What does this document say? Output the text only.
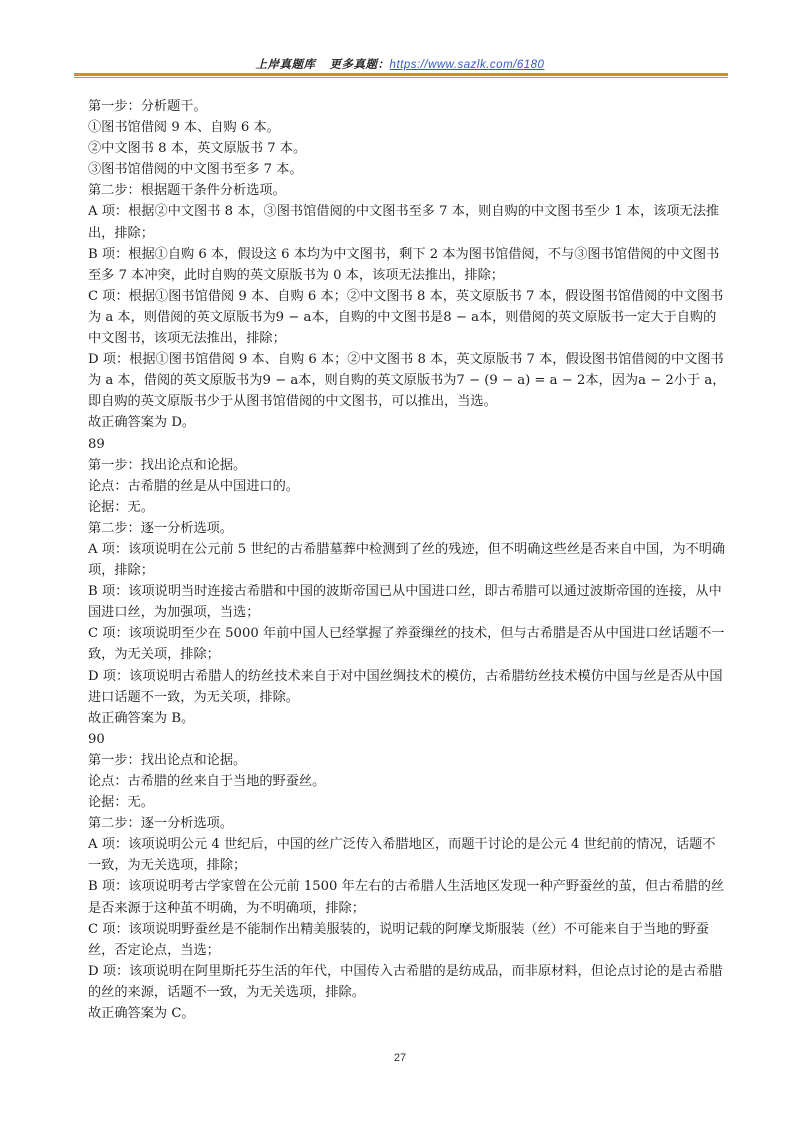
上岸真题库 更多真题：https://www.sazlk.com/6180

第一步：分析题干。

①图书馆借阅 9 本、自购 6 本。

②中文图书 8 本，英文原版书 7 本。

③图书馆借阅的中文图书至多 7 本。

第二步：根据题干条件分析选项。

A 项：根据②中文图书 8 本，③图书馆借阅的中文图书至多 7 本，则自购的中文图书至少 1 本，该项无法推出，排除；

B 项：根据①自购 6 本，假设这 6 本均为中文图书，剩下 2 本为图书馆借阅，不与③图书馆借阅的中文图书至多 7 本冲突，此时自购的英文原版书为 0 本，该项无法推出，排除；

C 项：根据①图书馆借阅 9 本、自购 6 本；②中文图书 8 本，英文原版书 7 本，假设图书馆借阅的中文图书为 a 本，则借阅的英文原版书为9 − a本，自购的中文图书是8 − a本，则借阅的英文原版书一定大于自购的中文图书，该项无法推出，排除；

D 项：根据①图书馆借阅 9 本、自购 6 本；②中文图书 8 本，英文原版书 7 本，假设图书馆借阅的中文图书为 a 本，借阅的英文原版书为9 − a本，则自购的英文原版书为7 − (9 − a) = a − 2本，因为a − 2小于 a，即自购的英文原版书少于从图书馆借阅的中文图书，可以推出，当选。

故正确答案为 D。

89

第一步：找出论点和论据。

论点：古希腊的丝是从中国进口的。

论据：无。

第二步：逐一分析选项。

A 项：该项说明在公元前 5 世纪的古希腊墓葬中检测到了丝的残迹，但不明确这些丝是否来自中国，为不明确项，排除；

B 项：该项说明当时连接古希腊和中国的波斯帝国已从中国进口丝，即古希腊可以通过波斯帝国的连接，从中国进口丝，为加强项，当选；

C 项：该项说明至少在 5000 年前中国人已经掌握了养蚕缫丝的技术，但与古希腊是否从中国进口丝话题不一致，为无关项，排除；

D 项：该项说明古希腊人的纺丝技术来自于对中国丝绸技术的模仿，古希腊纺丝技术模仿中国与丝是否从中国进口话题不一致，为无关项，排除。

故正确答案为 B。

90

第一步：找出论点和论据。

论点：古希腊的丝来自于当地的野蚕丝。

论据：无。

第二步：逐一分析选项。

A 项：该项说明公元 4 世纪后，中国的丝广泛传入希腊地区，而题干讨论的是公元 4 世纪前的情况，话题不一致，为无关选项，排除；

B 项：该项说明考古学家曾在公元前 1500 年左右的古希腊人生活地区发现一种产野蚕丝的茧，但古希腊的丝是否来源于这种茧不明确，为不明确项，排除；

C 项：该项说明野蚕丝是不能制作出精美服装的，说明记载的阿摩戈斯服装（丝）不可能来自于当地的野蚕丝，否定论点，当选；

D 项：该项说明在阿里斯托芬生活的年代，中国传入古希腊的是纺成品，而非原材料，但论点讨论的是古希腊的丝的来源，话题不一致，为无关选项，排除。

故正确答案为 C。

27
